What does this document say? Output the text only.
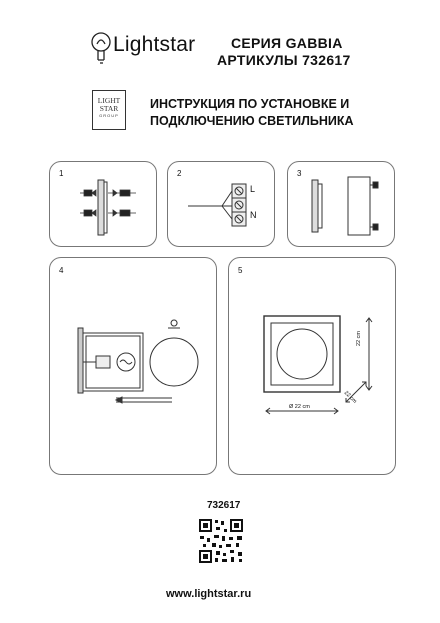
Lightstar	СЕРИЯ GABBIA
АРТИКУЛЫ 732617
LIGHT
STAR
GROUP
ИНСТРУКЦИЯ ПО УСТАНОВКЕ И
ПОДКЛЮЧЕНИЮ СВЕТИЛЬНИКА
1	2
L
N
3
4	5
22 cm
Ø 22 cm
22 cm
732617
www.lightstar.ru
